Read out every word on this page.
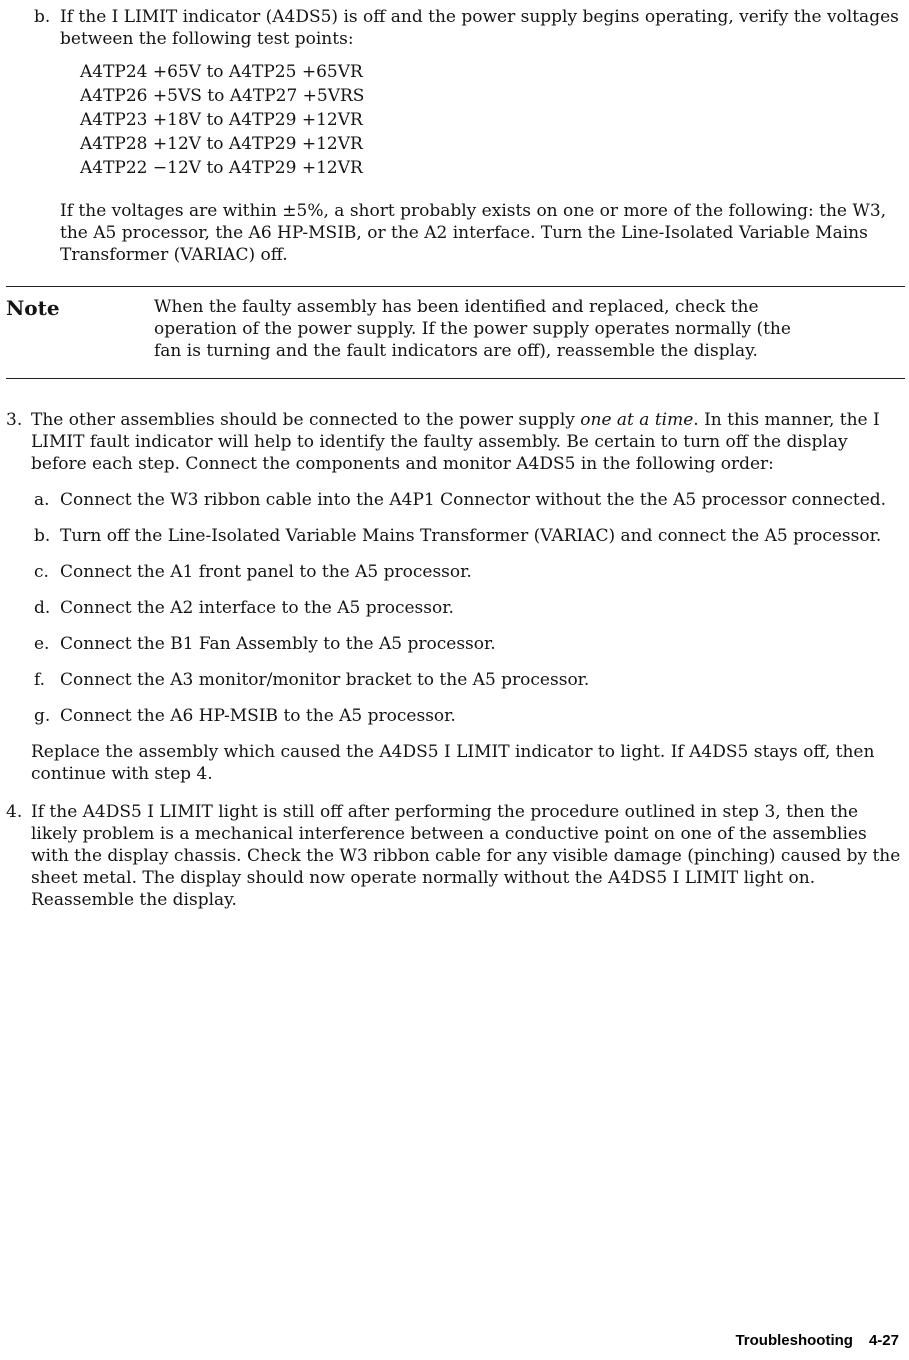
b. If the I LIMIT indicator (A4DS5) is off and the power supply begins operating, verify the voltages between the following test points:
A4TP24 +65V to A4TP25 +65VR
A4TP26 +5VS to A4TP27 +5VRS
A4TP23 +18V to A4TP29 +12VR
A4TP28 +12V to A4TP29 +12VR
A4TP22 −12V to A4TP29 +12VR
If the voltages are within ±5%, a short probably exists on one or more of the following: the W3, the A5 processor, the A6 HP-MSIB, or the A2 interface. Turn the Line-Isolated Variable Mains Transformer (VARIAC) off.
Note	When the faulty assembly has been identified and replaced, check the operation of the power supply. If the power supply operates normally (the fan is turning and the fault indicators are off), reassemble the display.
3. The other assemblies should be connected to the power supply one at a time. In this manner, the I LIMIT fault indicator will help to identify the faulty assembly. Be certain to turn off the display before each step. Connect the components and monitor A4DS5 in the following order:
a. Connect the W3 ribbon cable into the A4P1 Connector without the the A5 processor connected.
b. Turn off the Line-Isolated Variable Mains Transformer (VARIAC) and connect the A5 processor.
c. Connect the A1 front panel to the A5 processor.
d. Connect the A2 interface to the A5 processor.
e. Connect the B1 Fan Assembly to the A5 processor.
f. Connect the A3 monitor/monitor bracket to the A5 processor.
g. Connect the A6 HP-MSIB to the A5 processor.
Replace the assembly which caused the A4DS5 I LIMIT indicator to light. If A4DS5 stays off, then continue with step 4.
4. If the A4DS5 I LIMIT light is still off after performing the procedure outlined in step 3, then the likely problem is a mechanical interference between a conductive point on one of the assemblies with the display chassis. Check the W3 ribbon cable for any visible damage (pinching) caused by the sheet metal. The display should now operate normally without the A4DS5 I LIMIT light on. Reassemble the display.
Troubleshooting 4-27
